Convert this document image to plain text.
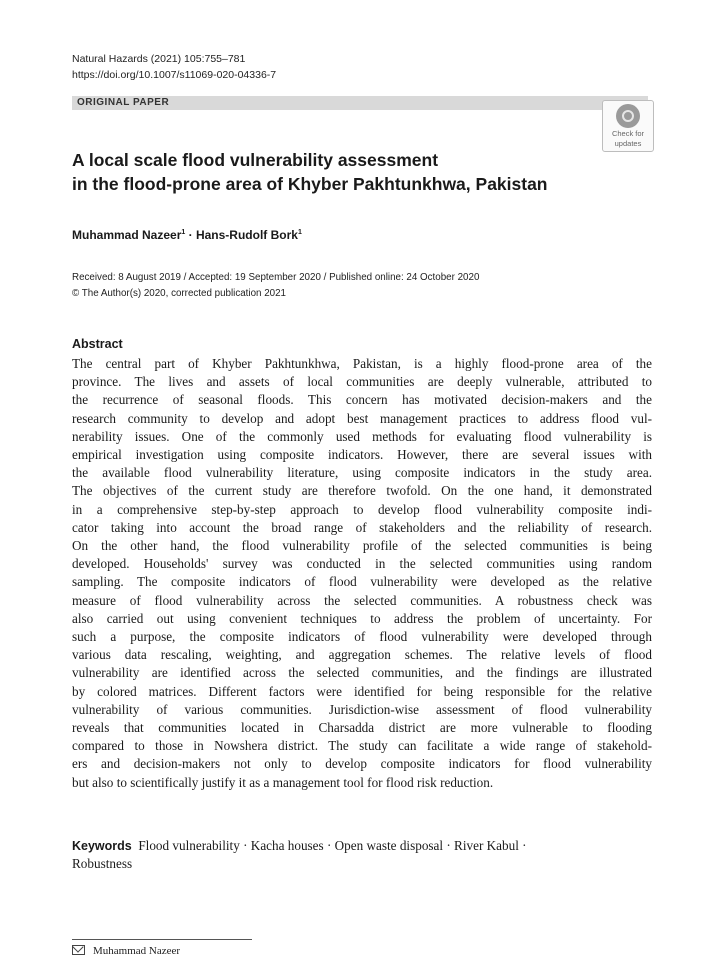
Natural Hazards (2021) 105:755–781
https://doi.org/10.1007/s11069-020-04336-7
ORIGINAL PAPER
Check for
updates
A local scale flood vulnerability assessment
in the flood-prone area of Khyber Pakhtunkhwa, Pakistan
Muhammad Nazeer$^1$ · Hans-Rudolf Bork$^1$
Received: 8 August 2019 / Accepted: 19 September 2020 / Published online: 24 October 2020
© The Author(s) 2020, corrected publication 2021
Abstract
The central part of Khyber Pakhtunkhwa, Pakistan, is a highly flood-prone area of the
province. The lives and assets of local communities are deeply vulnerable, attributed to
the recurrence of seasonal floods. This concern has motivated decision-makers and the
research community to develop and adopt best management practices to address flood vul-
nerability issues. One of the commonly used methods for evaluating flood vulnerability is
empirical investigation using composite indicators. However, there are several issues with
the available flood vulnerability literature, using composite indicators in the study area.
The objectives of the current study are therefore twofold. On the one hand, it demonstrated
in a comprehensive step-by-step approach to develop flood vulnerability composite indi-
cator taking into account the broad range of stakeholders and the reliability of research.
On the other hand, the flood vulnerability profile of the selected communities is being
developed. Households' survey was conducted in the selected communities using random
sampling. The composite indicators of flood vulnerability were developed as the relative
measure of flood vulnerability across the selected communities. A robustness check was
also carried out using convenient techniques to address the problem of uncertainty. For
such a purpose, the composite indicators of flood vulnerability were developed through
various data rescaling, weighting, and aggregation schemes. The relative levels of flood
vulnerability are identified across the selected communities, and the findings are illustrated
by colored matrices. Different factors were identified for being responsible for the relative
vulnerability of various communities. Jurisdiction-wise assessment of flood vulnerability
reveals that communities located in Charsadda district are more vulnerable to flooding
compared to those in Nowshera district. The study can facilitate a wide range of stakehold-
ers and decision-makers not only to develop composite indicators for flood vulnerability
but also to scientifically justify it as a management tool for flood risk reduction.
Keywords Flood vulnerability · Kacha houses · Open waste disposal · River Kabul ·
Robustness
Muhammad Nazeer
